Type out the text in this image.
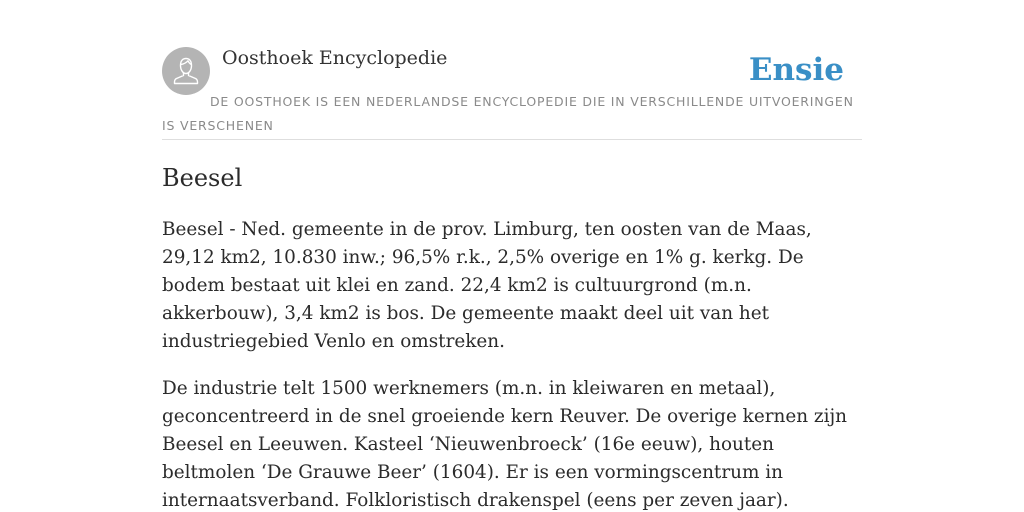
Oosthoek Encyclopedie	Ensie
DE OOSTHOEK IS EEN NEDERLANDSE ENCYCLOPEDIE DIE IN VERSCHILLENDE UITVOERINGEN IS VERSCHENEN
Beesel

Beesel - Ned. gemeente in de prov. Limburg, ten oosten van de Maas, 29,12 km2, 10.830 inw.; 96,5% r.k., 2,5% overige en 1% g. kerkg. De bodem bestaat uit klei en zand. 22,4 km2 is cultuurgrond (m.n. akkerbouw), 3,4 km2 is bos. De gemeente maakt deel uit van het industriegebied Venlo en omstreken.

De industrie telt 1500 werknemers (m.n. in kleiwaren en metaal), geconcentreerd in de snel groeiende kern Reuver. De overige kernen zijn Beesel en Leeuwen. Kasteel ‘Nieuwenbroeck’ (16e eeuw), houten beltmolen ‘De Grauwe Beer’ (1604). Er is een vormingscentrum in internaatsverband. Folkloristisch drakenspel (eens per zeven jaar).
